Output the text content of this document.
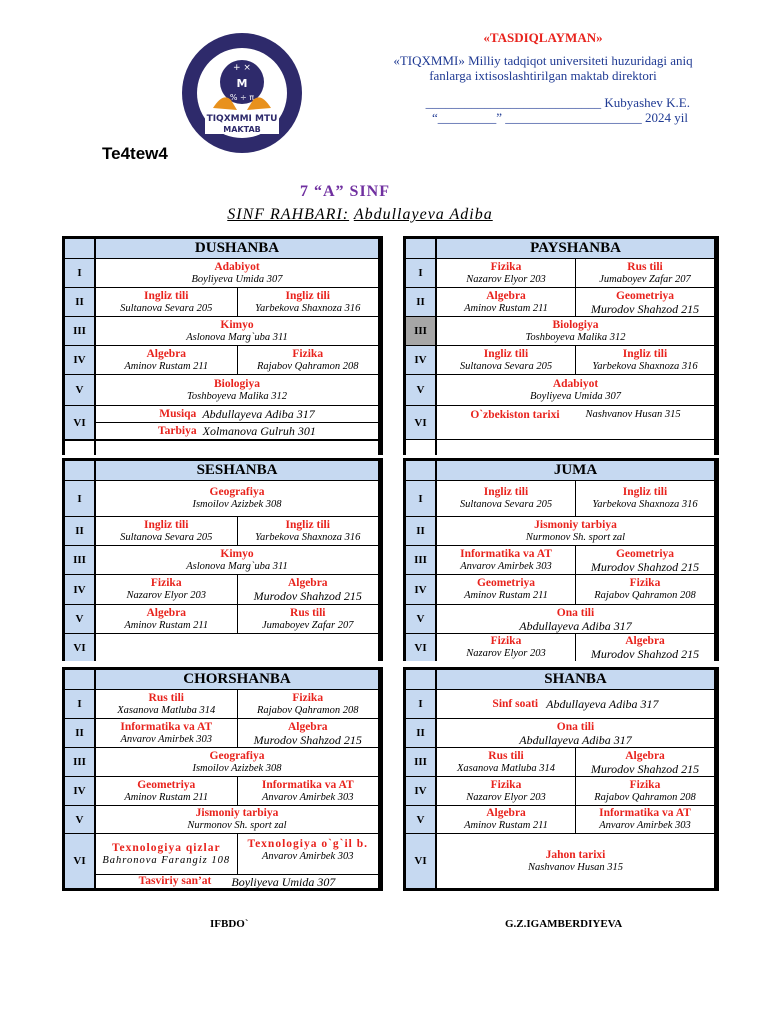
+ ×
M
% ÷ π
TIQXMMI MTU
MAKTAB
Te4tew4
«TASDIQLAYMAN»
«TIQXMMI» Milliy tadqiqot universiteti huzuridagi aniq fanlarga ixtisoslashtirilgan maktab direktori
___________________________ Kubyashev K.E.
“_________” _____________________ 2024 yil
7 “A” SINF
SINF RAHBARI: Abdullayeva Adiba
DUSHANBA
I
Adabiyot
Boyliyeva Umida 307
II
Ingliz tili
Sultanova Sevara 205
Ingliz tili
Yarbekova Shaxnoza 316
III
Kimyo
Aslonova Marg`uba 311
IV
Algebra
Aminov Rustam 211
Fizika
Rajabov Qahramon 208
V
Biologiya
Toshboyeva Malika 312
VI
Musiqa Abdullayeva Adiba 317
Tarbiya Xolmanova Gulruh 301
PAYSHANBA
I
Fizika
Nazarov Elyor 203
Rus tili
Jumaboyev Zafar 207
II
Algebra
Aminov Rustam 211
Geometriya
Murodov Shahzod 215
III
Biologiya
Toshboyeva Malika 312
IV
Ingliz tili
Sultanova Sevara 205
Ingliz tili
Yarbekova Shaxnoza 316
V
Adabiyot
Boyliyeva Umida 307
VI
O`zbekiston tarixi Nashvanov Husan 315
SESHANBA
I
Geografiya
Ismoilov Azizbek 308
II
Ingliz tili
Sultanova Sevara 205
Ingliz tili
Yarbekova Shaxnoza 316
III
Kimyo
Aslonova Marg`uba 311
IV
Fizika
Nazarov Elyor 203
Algebra
Murodov Shahzod 215
V
Algebra
Aminov Rustam 211
Rus tili
Jumaboyev Zafar 207
VI
JUMA
I
Ingliz tili
Sultanova Sevara 205
Ingliz tili
Yarbekova Shaxnoza 316
II
Jismoniy tarbiya
Nurmonov Sh. sport zal
III
Informatika va AT
Anvarov Amirbek 303
Geometriya
Murodov Shahzod 215
IV
Geometriya
Aminov Rustam 211
Fizika
Rajabov Qahramon 208
V
Ona tili
Abdullayeva Adiba 317
VI
Fizika
Nazarov Elyor 203
Algebra
Murodov Shahzod 215
CHORSHANBA
I
Rus tili
Xasanova Matluba 314
Fizika
Rajabov Qahramon 208
II
Informatika va AT
Anvarov Amirbek 303
Algebra
Murodov Shahzod 215
III
Geografiya
Ismoilov Azizbek 308
IV
Geometriya
Aminov Rustam 211
Informatika va AT
Anvarov Amirbek 303
V
Jismoniy tarbiya
Nurmonov Sh. sport zal
VI
Texnologiya qizlar
Bahronova Farangiz 108
Texnologiya o`g`il b.
Anvarov Amirbek 303
Tasviriy san’at Boyliyeva Umida 307
SHANBA
I	Sinf soati Abdullayeva Adiba 317
II
Ona tili
Abdullayeva Adiba 317
III
Rus tili
Xasanova Matluba 314
Algebra
Murodov Shahzod 215
IV
Fizika
Nazarov Elyor 203
Fizika
Rajabov Qahramon 208
V
Algebra
Aminov Rustam 211
Informatika va AT
Anvarov Amirbek 303
VI
Jahon tarixi
Nashvanov Husan 315
IFBDO`	G.Z.IGAMBERDIYEVA
